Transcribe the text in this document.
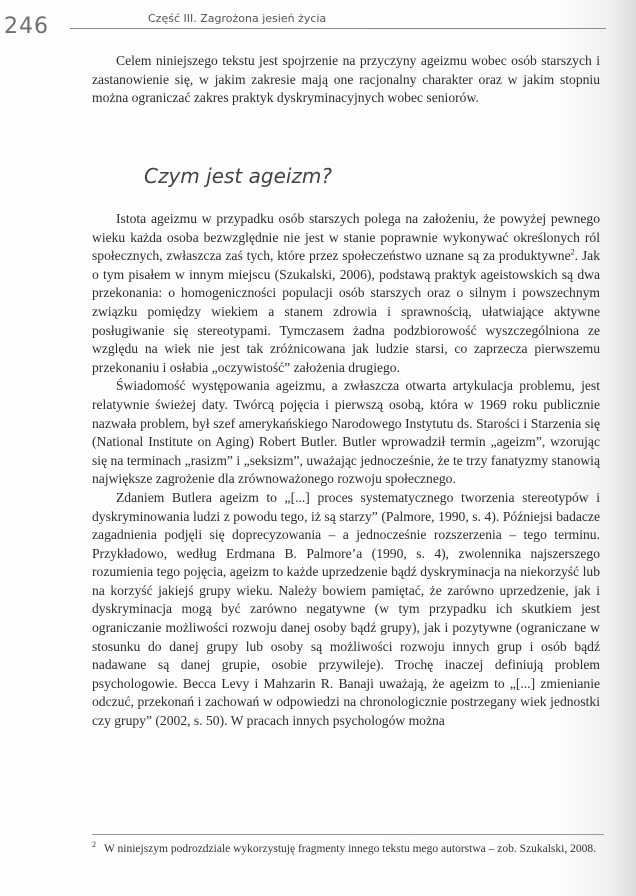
246	Część III. Zagrożona jesień życia

Celem niniejszego tekstu jest spojrzenie na przyczyny ageizmu wobec osób starszych i zastanowienie się, w jakim zakresie mają one racjonalny charakter oraz w jakim stopniu można ograniczać zakres praktyk dyskryminacyjnych wobec seniorów.

Czym jest ageizm?

Istota ageizmu w przypadku osób starszych polega na założeniu, że powyżej pewnego wieku każda osoba bezwzględnie nie jest w stanie poprawnie wykonywać określonych ról społecznych, zwłaszcza zaś tych, które przez społeczeństwo uznane są za produktywne$^2$. Jak o tym pisałem w innym miejscu (Szukalski, 2006), podstawą praktyk ageistowskich są dwa przekonania: o homogeniczności populacji osób starszych oraz o silnym i powszechnym związku pomiędzy wiekiem a stanem zdrowia i sprawnością, ułatwiające aktywne posługiwanie się stereotypami. Tymczasem żadna podzbiorowość wyszczególniona ze względu na wiek nie jest tak zróżnicowana jak ludzie starsi, co zaprzecza pierwszemu przekonaniu i osłabia „oczywistość” założenia drugiego.

Świadomość występowania ageizmu, a zwłaszcza otwarta artykulacja problemu, jest relatywnie świeżej daty. Twórcą pojęcia i pierwszą osobą, która w 1969 roku publicznie nazwała problem, był szef amerykańskiego Narodowego Instytutu ds. Starości i Starzenia się (National Institute on Aging) Robert Butler. Butler wprowadził termin „ageizm”, wzorując się na terminach „rasizm” i „seksizm”, uważając jednocześnie, że te trzy fanatyzmy stanowią największe zagrożenie dla zrównoważonego rozwoju społecznego.

Zdaniem Butlera ageizm to „[...] proces systematycznego tworzenia stereotypów i dyskryminowania ludzi z powodu tego, iż są starzy” (Palmore, 1990, s. 4). Późniejsi badacze zagadnienia podjęli się doprecyzowania – a jednocześnie rozszerzenia – tego terminu. Przykładowo, według Erdmana B. Palmore’a (1990, s. 4), zwolennika najszerszego rozumienia tego pojęcia, ageizm to każde uprzedzenie bądź dyskryminacja na niekorzyść lub na korzyść jakiejś grupy wieku. Należy bowiem pamiętać, że zarówno uprzedzenie, jak i dyskryminacja mogą być zarówno negatywne (w tym przypadku ich skutkiem jest ograniczanie możliwości rozwoju danej osoby bądź grupy), jak i pozytywne (ograniczane w stosunku do danej grupy lub osoby są możliwości rozwoju innych grup i osób bądź nadawane są danej grupie, osobie przywileje). Trochę inaczej definiują problem psychologowie. Becca Levy i Mahzarin R. Banaji uważają, że ageizm to „[...] zmienianie odczuć, przekonań i zachowań w odpowiedzi na chronologicznie postrzegany wiek jednostki czy grupy” (2002, s. 50). W pracach innych psychologów można

$^2$ W niniejszym podrozdziale wykorzystuję fragmenty innego tekstu mego autorstwa – zob. Szukalski, 2008.
